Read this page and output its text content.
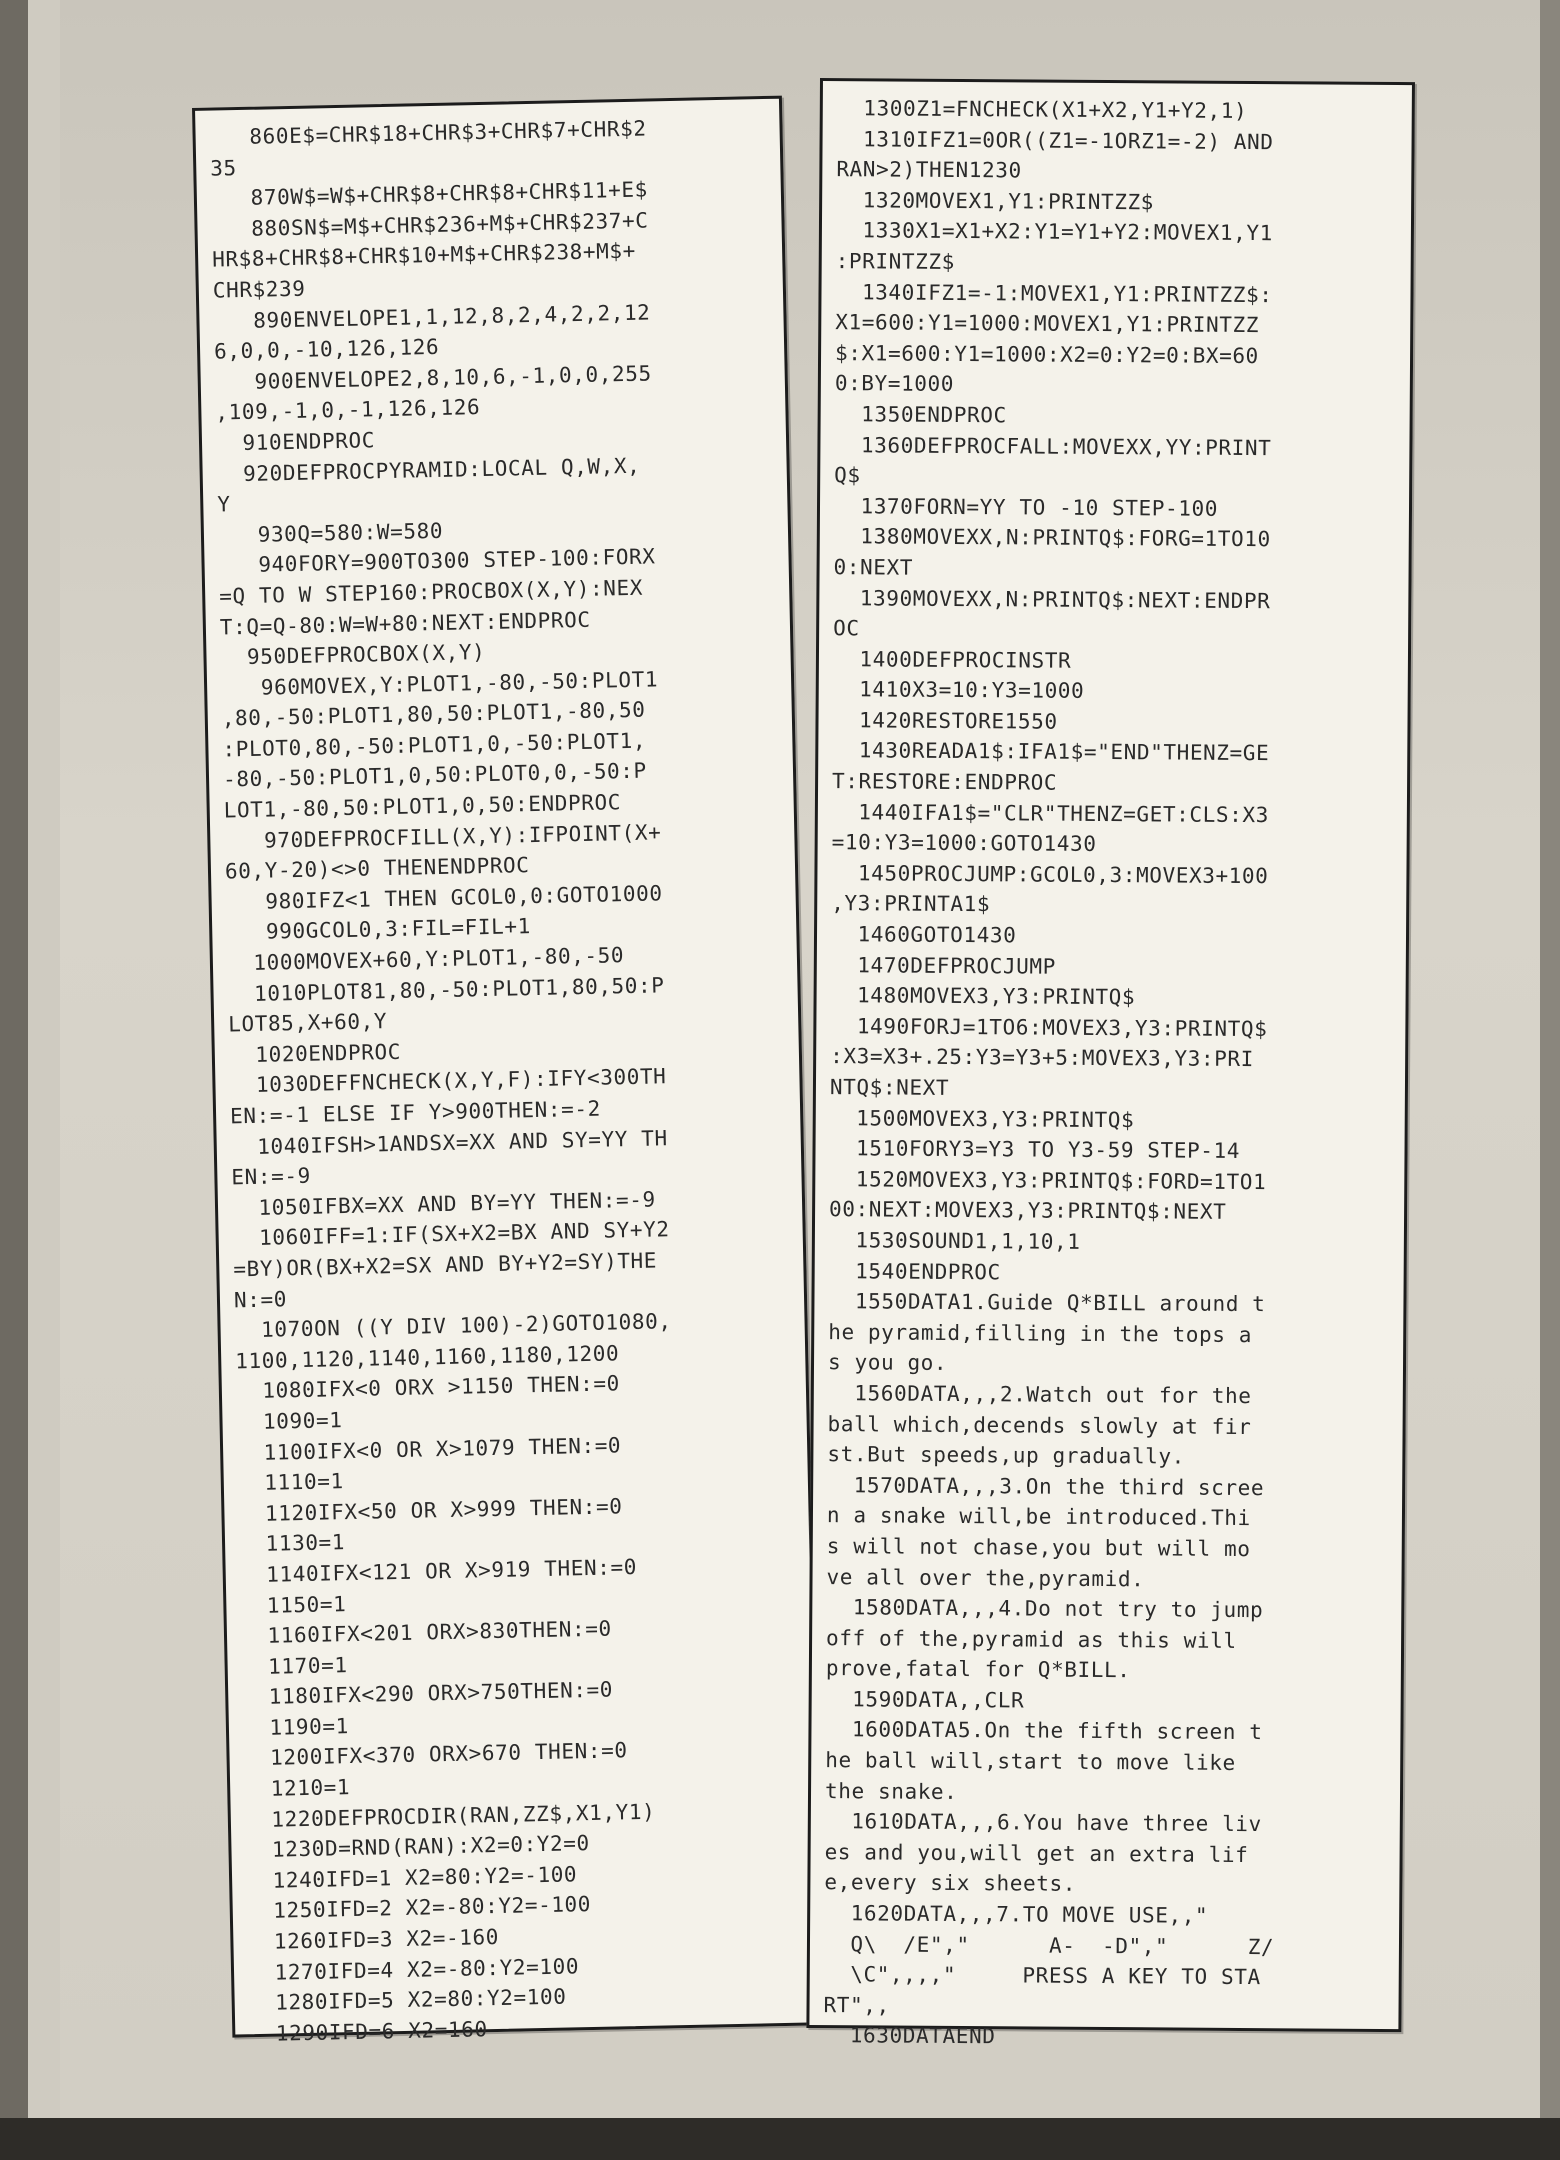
860E$=CHR$18+CHR$3+CHR$7+CHR$2
35
870W$=W$+CHR$8+CHR$8+CHR$11+E$
880SN$=M$+CHR$236+M$+CHR$237+C
HR$8+CHR$8+CHR$10+M$+CHR$238+M$+
CHR$239
890ENVELOPE1,1,12,8,2,4,2,2,12
6,0,0,-10,126,126
900ENVELOPE2,8,10,6,-1,0,0,255
,109,-1,0,-1,126,126
910ENDPROC
920DEFPROCPYRAMID:LOCAL Q,W,X,
Y
930Q=580:W=580
940FORY=900TO300 STEP-100:FORX
=Q TO W STEP160:PROCBOX(X,Y):NEX
T:Q=Q-80:W=W+80:NEXT:ENDPROC
950DEFPROCBOX(X,Y)
960MOVEX,Y:PLOT1,-80,-50:PLOT1
,80,-50:PLOT1,80,50:PLOT1,-80,50
:PLOT0,80,-50:PLOT1,0,-50:PLOT1,
-80,-50:PLOT1,0,50:PLOT0,0,-50:P
LOT1,-80,50:PLOT1,0,50:ENDPROC
970DEFPROCFILL(X,Y):IFPOINT(X+
60,Y-20)<>0 THENENDPROC
980IFZ<1 THEN GCOL0,0:GOTO1000
990GCOL0,3:FIL=FIL+1
1000MOVEX+60,Y:PLOT1,-80,-50
1010PLOT81,80,-50:PLOT1,80,50:P
LOT85,X+60,Y
1020ENDPROC
1030DEFFNCHECK(X,Y,F):IFY<300TH
EN:=-1 ELSE IF Y>900THEN:=-2
1040IFSH>1ANDSX=XX AND SY=YY TH
EN:=-9
1050IFBX=XX AND BY=YY THEN:=-9
1060IFF=1:IF(SX+X2=BX AND SY+Y2
=BY)OR(BX+X2=SX AND BY+Y2=SY)THE
N:=0
1070ON ((Y DIV 100)-2)GOTO1080,
1100,1120,1140,1160,1180,1200
1080IFX<0 ORX >1150 THEN:=0
1090=1
1100IFX<0 OR X>1079 THEN:=0
1110=1
1120IFX<50 OR X>999 THEN:=0
1130=1
1140IFX<121 OR X>919 THEN:=0
1150=1
1160IFX<201 ORX>830THEN:=0
1170=1
1180IFX<290 ORX>750THEN:=0
1190=1
1200IFX<370 ORX>670 THEN:=0
1210=1
1220DEFPROCDIR(RAN,ZZ$,X1,Y1)
1230D=RND(RAN):X2=0:Y2=0
1240IFD=1 X2=80:Y2=-100
1250IFD=2 X2=-80:Y2=-100
1260IFD=3 X2=-160
1270IFD=4 X2=-80:Y2=100
1280IFD=5 X2=80:Y2=100
1290IFD=6 X2=160
1300Z1=FNCHECK(X1+X2,Y1+Y2,1)
1310IFZ1=0OR((Z1=-1ORZ1=-2) AND
RAN>2)THEN1230
1320MOVEX1,Y1:PRINTZZ$
1330X1=X1+X2:Y1=Y1+Y2:MOVEX1,Y1
:PRINTZZ$
1340IFZ1=-1:MOVEX1,Y1:PRINTZZ$:
X1=600:Y1=1000:MOVEX1,Y1:PRINTZZ
$:X1=600:Y1=1000:X2=0:Y2=0:BX=60
0:BY=1000
1350ENDPROC
1360DEFPROCFALL:MOVEXX,YY:PRINT
Q$
1370FORN=YY TO -10 STEP-100
1380MOVEXX,N:PRINTQ$:FORG=1TO10
0:NEXT
1390MOVEXX,N:PRINTQ$:NEXT:ENDPR
OC
1400DEFPROCINSTR
1410X3=10:Y3=1000
1420RESTORE1550
1430READA1$:IFA1$="END"THENZ=GE
T:RESTORE:ENDPROC
1440IFA1$="CLR"THENZ=GET:CLS:X3
=10:Y3=1000:GOTO1430
1450PROCJUMP:GCOL0,3:MOVEX3+100
,Y3:PRINTA1$
1460GOTO1430
1470DEFPROCJUMP
1480MOVEX3,Y3:PRINTQ$
1490FORJ=1TO6:MOVEX3,Y3:PRINTQ$
:X3=X3+.25:Y3=Y3+5:MOVEX3,Y3:PRI
NTQ$:NEXT
1500MOVEX3,Y3:PRINTQ$
1510FORY3=Y3 TO Y3-59 STEP-14
1520MOVEX3,Y3:PRINTQ$:FORD=1TO1
00:NEXT:MOVEX3,Y3:PRINTQ$:NEXT
1530SOUND1,1,10,1
1540ENDPROC
1550DATA1.Guide Q*BILL around t
he pyramid,filling in the tops a
s you go.
1560DATA,,,2.Watch out for the
ball which,decends slowly at fir
st.But speeds,up gradually.
1570DATA,,,3.On the third scree
n a snake will,be introduced.Thi
s will not chase,you but will mo
ve all over the,pyramid.
1580DATA,,,4.Do not try to jump
off of the,pyramid as this will
prove,fatal for Q*BILL.
1590DATA,,CLR
1600DATA5.On the fifth screen t
he ball will,start to move like
the snake.
1610DATA,,,6.You have three liv
es and you,will get an extra lif
e,every six sheets.
1620DATA,,,7.TO MOVE USE,,"
Q\  /E","      A-  -D","      Z/
\C",,,,"     PRESS A KEY TO STA
RT",,
1630DATAEND
